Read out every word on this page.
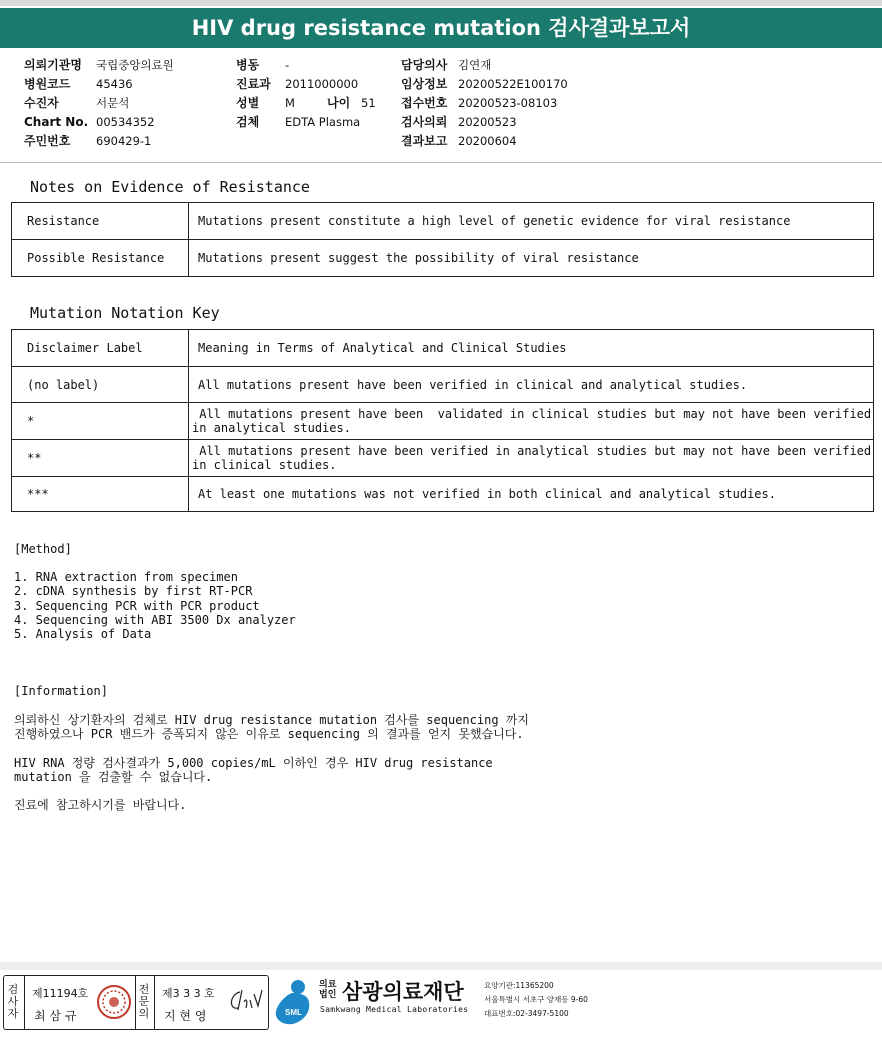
HIV drug resistance mutation 검사결과보고서
의뢰기관명 국립중앙의료원
병원코드 45436
수진자	서문석
Chart No. 00534352
주민번호 690429-1
병동 -
진료과 2011000000
성별 M	나이 51
검체 EDTA Plasma
담당의사 김연재
임상정보 20200522E100170
접수번호 20200523-08103
검사의뢰 20200523
결과보고 20200604
Notes on Evidence of Resistance
Resistance	Mutations present constitute a high level of genetic evidence for viral resistance
Possible Resistance	Mutations present suggest the possibility of viral resistance
Mutation Notation Key
Disclaimer Label	Meaning in Terms of Analytical and Clinical Studies
(no label)	All mutations present have been verified in clinical and analytical studies.
*	All mutations present have been  validated in clinical studies but may not have been verified
in analytical studies.
**	All mutations present have been verified in analytical studies but may not have been verified
in clinical studies.
***	At least one mutations was not verified in both clinical and analytical studies.
[Method]
1. RNA extraction from specimen
2. cDNA synthesis by first RT-PCR
3. Sequencing PCR with PCR product
4. Sequencing with ABI 3500 Dx analyzer
5. Analysis of Data
[Information]
의뢰하신 상기환자의 검체로 HIV drug resistance mutation 검사를 sequencing 까지
진행하였으나 PCR 밴드가 증폭되지 않은 이유로 sequencing 의 결과를 얻지 못했습니다.
HIV RNA 정량 검사결과가 5,000 copies/mL 이하인 경우 HIV drug resistance
mutation 을 검출할 수 없습니다.
진료에 참고하시기를 바랍니다.
검사자
제11194호
최 삼 규
전문의
제3 3 3 호
지 현 영	SML
의료
법인 삼광의료재단
Samkwang Medical Laboratories
요양기관:11365200
서울특별시 서초구 양재동 9-60
대표번호:02-3497-5100
